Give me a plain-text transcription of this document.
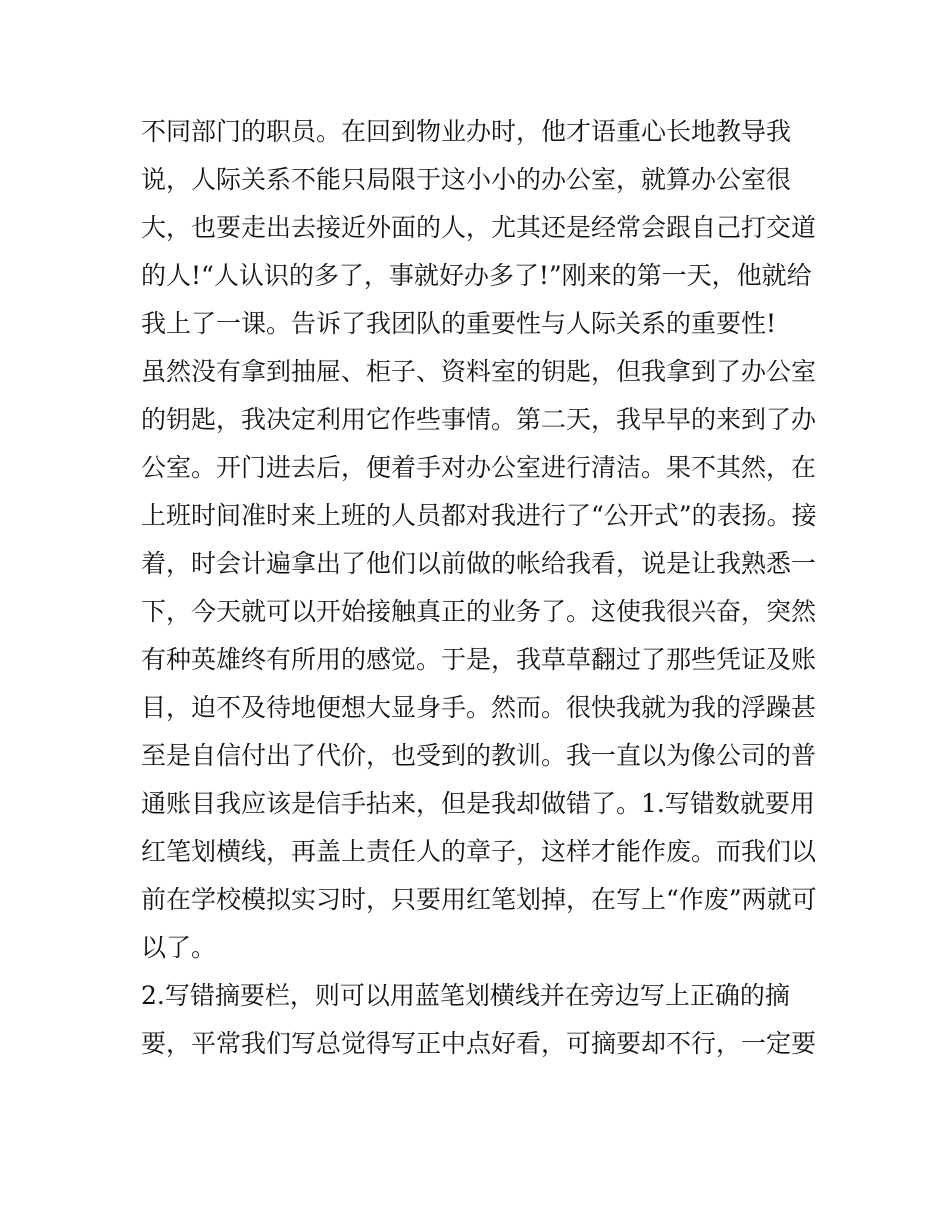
不同部门的职员。在回到物业办时，他才语重心长地教导我
说，人际关系不能只局限于这小小的办公室，就算办公室很
大，也要走出去接近外面的人，尤其还是经常会跟自己打交道
的人!“人认识的多了，事就好办多了!”刚来的第一天，他就给
我上了一课。告诉了我团队的重要性与人际关系的重要性!
虽然没有拿到抽屉、柜子、资料室的钥匙，但我拿到了办公室
的钥匙，我决定利用它作些事情。第二天，我早早的来到了办
公室。开门进去后，便着手对办公室进行清洁。果不其然，在
上班时间准时来上班的人员都对我进行了“公开式”的表扬。接
着，时会计遍拿出了他们以前做的帐给我看，说是让我熟悉一
下，今天就可以开始接触真正的业务了。这使我很兴奋，突然
有种英雄终有所用的感觉。于是，我草草翻过了那些凭证及账
目，迫不及待地便想大显身手。然而。很快我就为我的浮躁甚
至是自信付出了代价，也受到的教训。我一直以为像公司的普
通账目我应该是信手拈来，但是我却做错了。1.写错数就要用
红笔划横线，再盖上责任人的章子，这样才能作废。而我们以
前在学校模拟实习时，只要用红笔划掉，在写上“作废”两就可
以了。
2.写错摘要栏，则可以用蓝笔划横线并在旁边写上正确的摘
要，平常我们写总觉得写正中点好看，可摘要却不行，一定要
